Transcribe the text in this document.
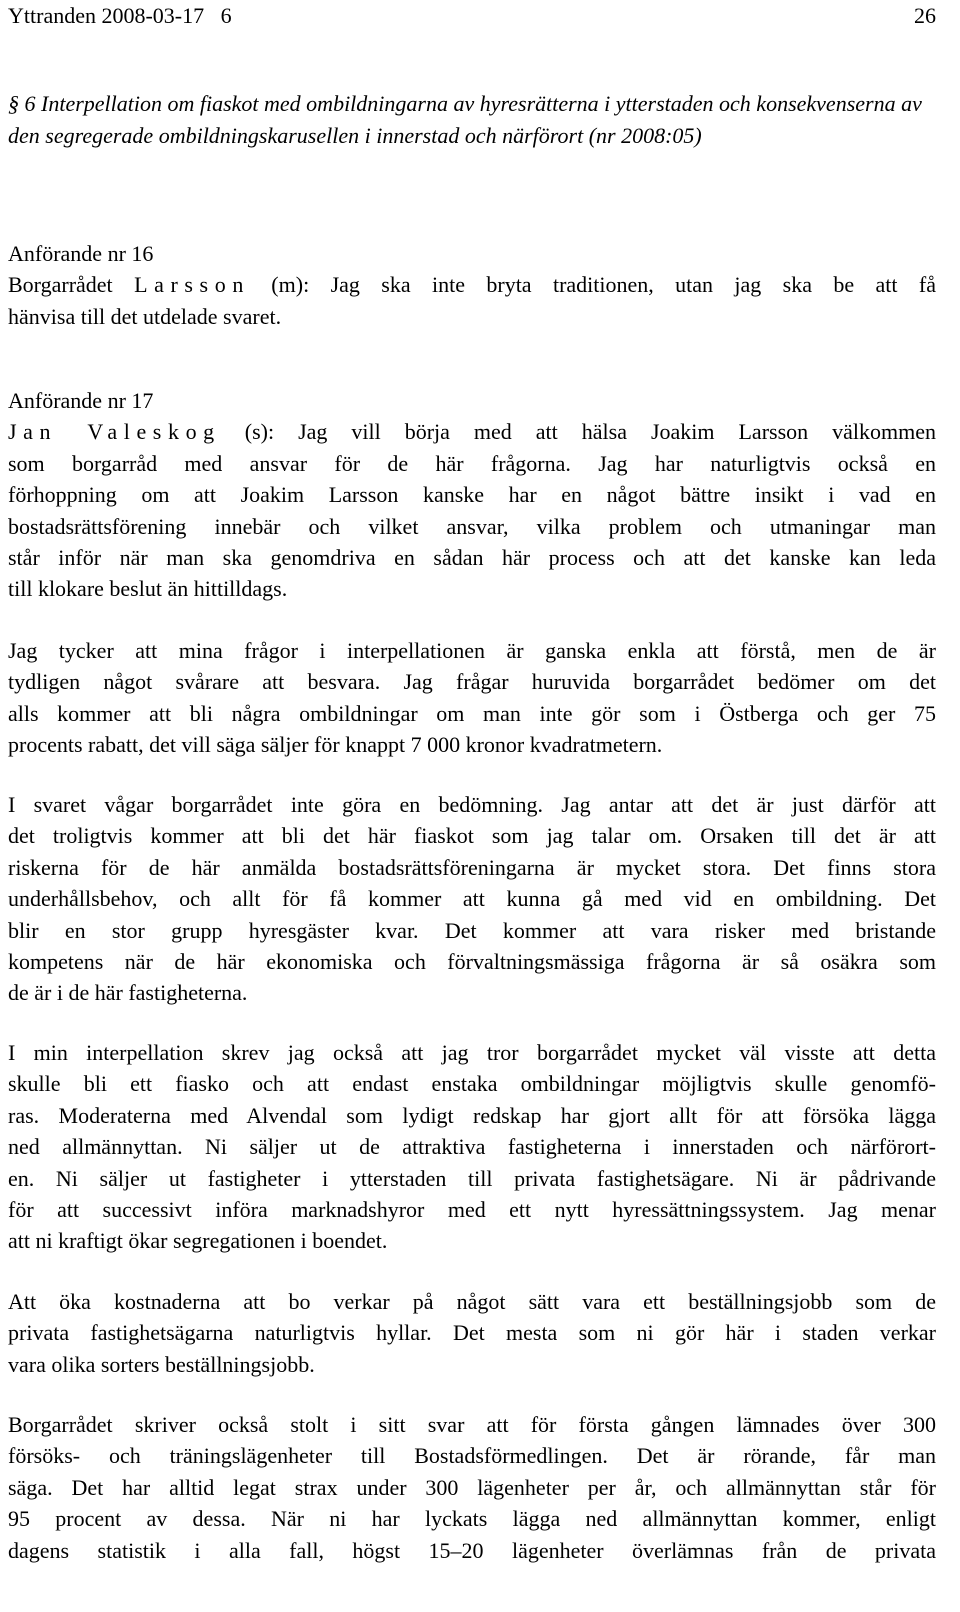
Yttranden 2008-03-17   6	26
§ 6 Interpellation om fiaskot med ombildningarna av hyresrätterna i ytterstaden och konsekvenserna av den segregerade ombildningskarusellen i innerstad och närförort (nr 2008:05)
Anförande nr 16
Borgarrådet Larsson (m): Jag ska inte bryta traditionen, utan jag ska be att få
hänvisa till det utdelade svaret.
Anförande nr 17
Jan Valeskog (s): Jag vill börja med att hälsa Joakim Larsson välkommen
som borgarråd med ansvar för de här frågorna. Jag har naturligtvis också en
förhoppning om att Joakim Larsson kanske har en något bättre insikt i vad en
bostadsrättsförening innebär och vilket ansvar, vilka problem och utmaningar man
står inför när man ska genomdriva en sådan här process och att det kanske kan leda
till klokare beslut än hittilldags.
Jag tycker att mina frågor i interpellationen är ganska enkla att förstå, men de är
tydligen något svårare att besvara. Jag frågar huruvida borgarrådet bedömer om det
alls kommer att bli några ombildningar om man inte gör som i Östberga och ger 75
procents rabatt, det vill säga säljer för knappt 7 000 kronor kvadratmetern.
I svaret vågar borgarrådet inte göra en bedömning. Jag antar att det är just därför att
det troligtvis kommer att bli det här fiaskot som jag talar om. Orsaken till det är att
riskerna för de här anmälda bostadsrättsföreningarna är mycket stora. Det finns stora
underhållsbehov, och allt för få kommer att kunna gå med vid en ombildning. Det
blir en stor grupp hyresgäster kvar. Det kommer att vara risker med bristande
kompetens när de här ekonomiska och förvaltningsmässiga frågorna är så osäkra som
de är i de här fastigheterna.
I min interpellation skrev jag också att jag tror borgarrådet mycket väl visste att detta
skulle bli ett fiasko och att endast enstaka ombildningar möjligtvis skulle genomfö-
ras. Moderaterna med Alvendal som lydigt redskap har gjort allt för att försöka lägga
ned allmännyttan. Ni säljer ut de attraktiva fastigheterna i innerstaden och närförort-
en. Ni säljer ut fastigheter i ytterstaden till privata fastighetsägare. Ni är pådrivande
för att successivt införa marknadshyror med ett nytt hyressättningssystem. Jag menar
att ni kraftigt ökar segregationen i boendet.
Att öka kostnaderna att bo verkar på något sätt vara ett beställningsjobb som de
privata fastighetsägarna naturligtvis hyllar. Det mesta som ni gör här i staden verkar
vara olika sorters beställningsjobb.
Borgarrådet skriver också stolt i sitt svar att för första gången lämnades över 300
försöks- och träningslägenheter till Bostadsförmedlingen. Det är rörande, får man
säga. Det har alltid legat strax under 300 lägenheter per år, och allmännyttan står för
95 procent av dessa. När ni har lyckats lägga ned allmännyttan kommer, enligt
dagens statistik i alla fall, högst 15–20 lägenheter överlämnas från de privata
